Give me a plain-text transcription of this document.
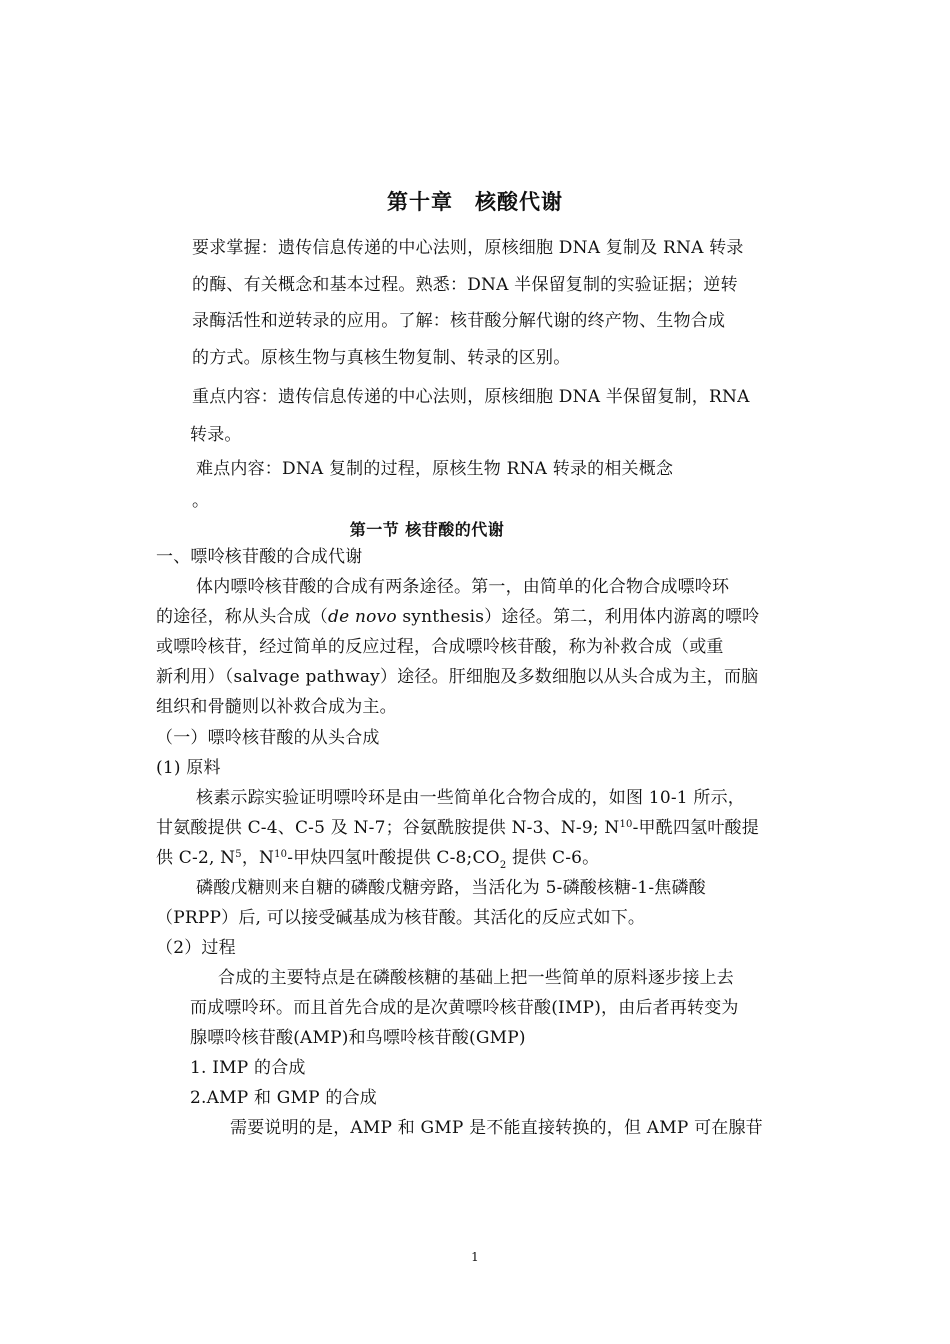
第十章　核酸代谢
要求掌握：遗传信息传递的中心法则，原核细胞 DNA 复制及 RNA 转录
的酶、有关概念和基本过程。熟悉：DNA 半保留复制的实验证据；逆转
录酶活性和逆转录的应用。了解：核苷酸分解代谢的终产物、生物合成
的方式。原核生物与真核生物复制、转录的区别。
重点内容：遗传信息传递的中心法则，原核细胞 DNA 半保留复制，RNA
转录。
难点内容：DNA 复制的过程，原核生物 RNA 转录的相关概念
。
第一节 核苷酸的代谢
一、嘌呤核苷酸的合成代谢
体内嘌呤核苷酸的合成有两条途径。第一，由简单的化合物合成嘌呤环
的途径，称从头合成（de novo synthesis）途径。第二，利用体内游离的嘌呤
或嘌呤核苷，经过简单的反应过程，合成嘌呤核苷酸，称为补救合成（或重
新利用）（salvage pathway）途径。肝细胞及多数细胞以从头合成为主，而脑
组织和骨髓则以补救合成为主。
（一）嘌呤核苷酸的从头合成
(1) 原料
核素示踪实验证明嘌呤环是由一些简单化合物合成的，如图 10-1 所示，
甘氨酸提供 C-4、C-5 及 N-7；谷氨酰胺提供 N-3、N-9; $N^{10}-$甲酰四氢叶酸提
供 C-2, $N^5$，$N^{10}-$甲炔四氢叶酸提供 $C-8;CO_2$ 提供 C-6。
磷酸戊糖则来自糖的磷酸戊糖旁路，当活化为 5-磷酸核糖-1-焦磷酸
（PRPP）后, 可以接受碱基成为核苷酸。其活化的反应式如下。
（2）过程
合成的主要特点是在磷酸核糖的基础上把一些简单的原料逐步接上去
而成嘌呤环。而且首先合成的是次黄嘌呤核苷酸(IMP)，由后者再转变为
腺嘌呤核苷酸(AMP)和鸟嘌呤核苷酸(GMP)
1. IMP 的合成
2.AMP 和 GMP 的合成
需要说明的是，AMP 和 GMP 是不能直接转换的，但 AMP 可在腺苷
1
